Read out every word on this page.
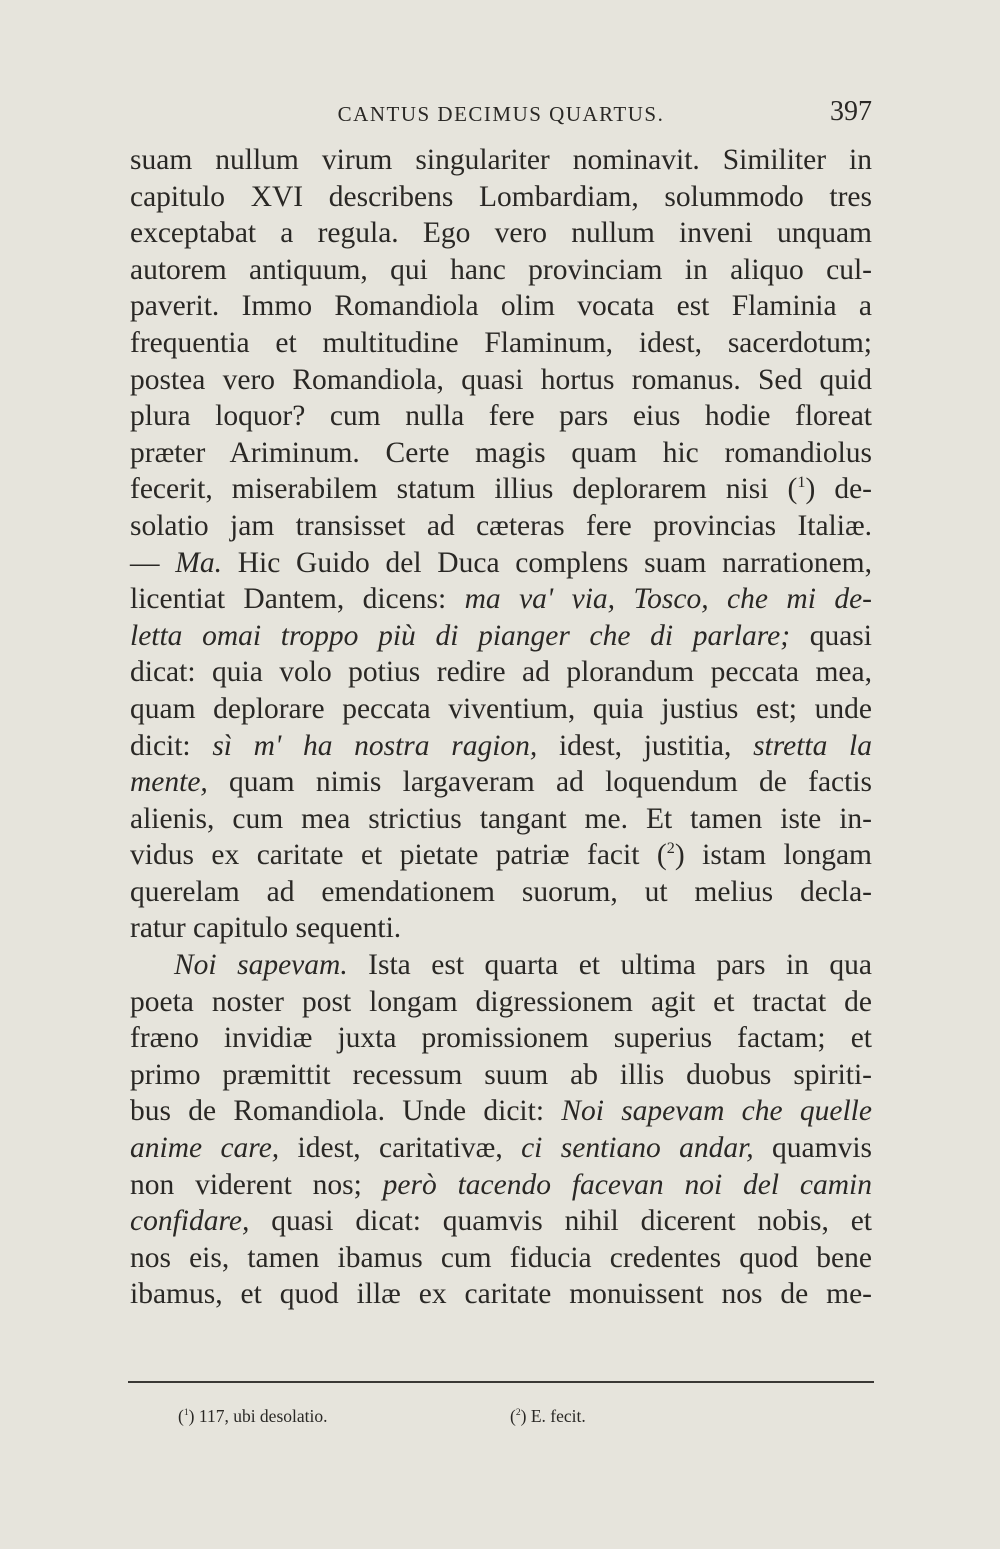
CANTUS DECIMUS QUARTUS.	397
suam nullum virum singulariter nominavit. Similiter in
capitulo XVI describens Lombardiam, solummodo tres
exceptabat a regula. Ego vero nullum inveni unquam
autorem antiquum, qui hanc provinciam in aliquo cul-
paverit. Immo Romandiola olim vocata est Flaminia a
frequentia et multitudine Flaminum, idest, sacerdotum;
postea vero Romandiola, quasi hortus romanus. Sed quid
plura loquor? cum nulla fere pars eius hodie floreat
præter Ariminum. Certe magis quam hic romandiolus
fecerit, miserabilem statum illius deplorarem nisi ($^1$) de-
solatio jam transisset ad cæteras fere provincias Italiæ.
— Ma. Hic Guido del Duca complens suam narrationem,
licentiat Dantem, dicens: ma va' via, Tosco, che mi de-
letta omai troppo più di pianger che di parlare; quasi
dicat: quia volo potius redire ad plorandum peccata mea,
quam deplorare peccata viventium, quia justius est; unde
dicit: sì m' ha nostra ragion, idest, justitia, stretta la
mente, quam nimis largaveram ad loquendum de factis
alienis, cum mea strictius tangant me. Et tamen iste in-
vidus ex caritate et pietate patriæ facit ($^2$) istam longam
querelam ad emendationem suorum, ut melius decla-
ratur capitulo sequenti.
Noi sapevam. Ista est quarta et ultima pars in qua
poeta noster post longam digressionem agit et tractat de
fræno invidiæ juxta promissionem superius factam; et
primo præmittit recessum suum ab illis duobus spiriti-
bus de Romandiola. Unde dicit: Noi sapevam che quelle
anime care, idest, caritativæ, ci sentiano andar, quamvis
non viderent nos; però tacendo facevan noi del camin
confidare, quasi dicat: quamvis nihil dicerent nobis, et
nos eis, tamen ibamus cum fiducia credentes quod bene
ibamus, et quod illæ ex caritate monuissent nos de me-
($^1$) 117, ubi desolatio.	($^2$) E. fecit.
